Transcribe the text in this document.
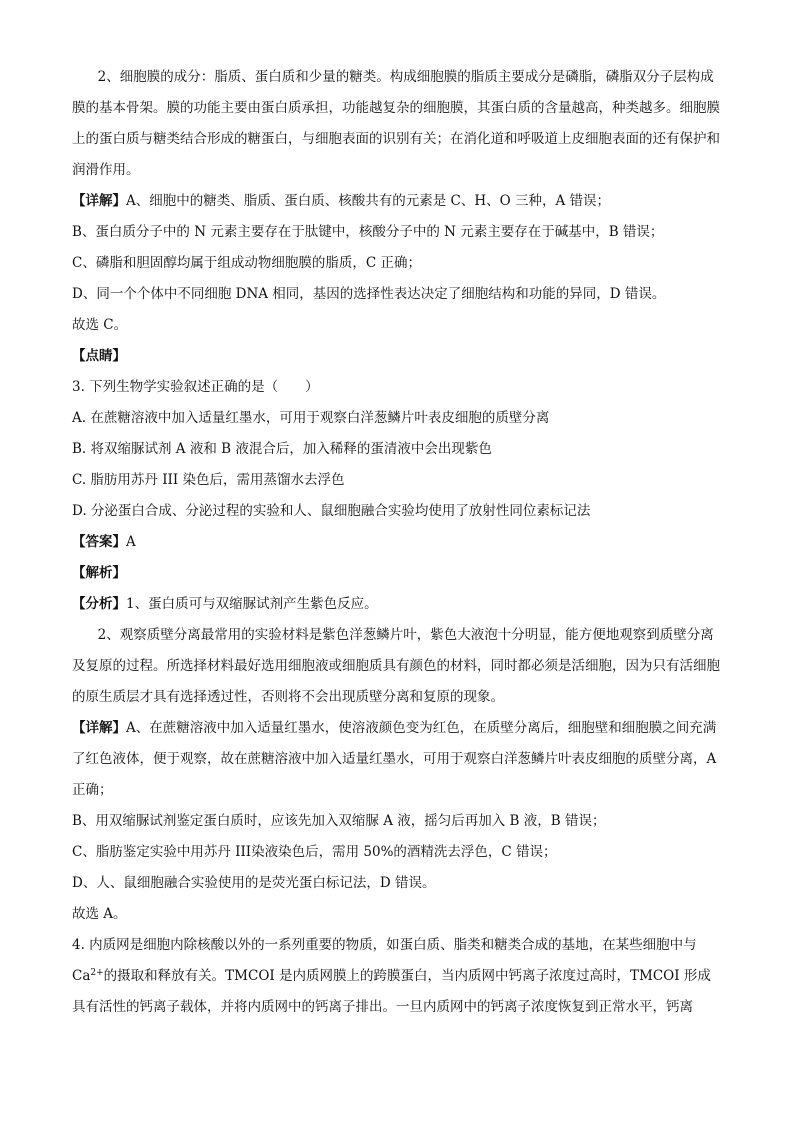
2、细胞膜的成分：脂质、蛋白质和少量的糖类。构成细胞膜的脂质主要成分是磷脂，磷脂双分子层构成膜的基本骨架。膜的功能主要由蛋白质承担，功能越复杂的细胞膜，其蛋白质的含量越高，种类越多。细胞膜上的蛋白质与糖类结合形成的糖蛋白，与细胞表面的识别有关；在消化道和呼吸道上皮细胞表面的还有保护和润滑作用。

【详解】A、细胞中的糖类、脂质、蛋白质、核酸共有的元素是 C、H、O 三种，A 错误；

B、蛋白质分子中的 N 元素主要存在于肽键中，核酸分子中的 N 元素主要存在于碱基中，B 错误；

C、磷脂和胆固醇均属于组成动物细胞膜的脂质，C 正确；

D、同一个个体中不同细胞 DNA 相同，基因的选择性表达决定了细胞结构和功能的异同，D 错误。

故选 C。

【点睛】

3. 下列生物学实验叙述正确的是（　　）

A. 在蔗糖溶液中加入适量红墨水，可用于观察白洋葱鳞片叶表皮细胞的质壁分离

B. 将双缩脲试剂 A 液和 B 液混合后，加入稀释的蛋清液中会出现紫色

C. 脂肪用苏丹 III 染色后，需用蒸馏水去浮色

D. 分泌蛋白合成、分泌过程的实验和人、鼠细胞融合实验均使用了放射性同位素标记法

【答案】A

【解析】

【分析】1、蛋白质可与双缩脲试剂产生紫色反应。

2、观察质壁分离最常用的实验材料是紫色洋葱鳞片叶，紫色大液泡十分明显，能方便地观察到质壁分离及复原的过程。所选择材料最好选用细胞液或细胞质具有颜色的材料，同时都必须是活细胞，因为只有活细胞的原生质层才具有选择透过性，否则将不会出现质壁分离和复原的现象。

【详解】A、在蔗糖溶液中加入适量红墨水，使溶液颜色变为红色，在质壁分离后，细胞壁和细胞膜之间充满了红色液体，便于观察，故在蔗糖溶液中加入适量红墨水，可用于观察白洋葱鳞片叶表皮细胞的质壁分离，A 正确；

B、用双缩脲试剂鉴定蛋白质时，应该先加入双缩脲 A 液，摇匀后再加入 B 液，B 错误；

C、脂肪鉴定实验中用苏丹 III染液染色后，需用 50%的酒精洗去浮色，C 错误；

D、人、鼠细胞融合实验使用的是荧光蛋白标记法，D 错误。

故选 A。

4. 内质网是细胞内除核酸以外的一系列重要的物质，如蛋白质、脂类和糖类合成的基地，在某些细胞中与

$Ca^{2+}$的摄取和释放有关。TMCOI 是内质网膜上的跨膜蛋白，当内质网中钙离子浓度过高时，TMCOI 形成具有活性的钙离子载体，并将内质网中的钙离子排出。一旦内质网中的钙离子浓度恢复到正常水平，钙离
